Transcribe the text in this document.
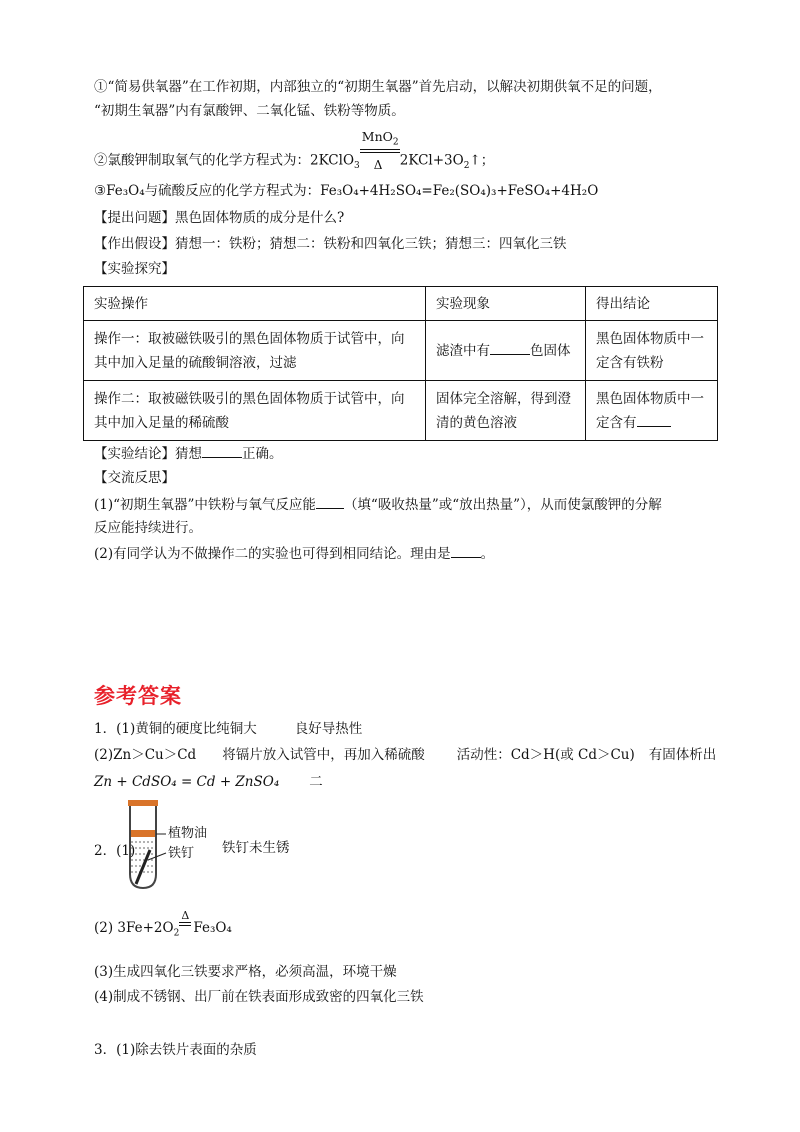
①“简易供氧器”在工作初期，内部独立的“初期生氧器”首先启动，以解决初期供氧不足的问题，
“初期生氧器”内有氯酸钾、二氧化锰、铁粉等物质。
②氯酸钾制取氧气的化学方程式为：2KClO$_3$ $\frac{MnO_2}{\Delta}$ $2KCl+3O_2↑$；
③Fe₃O₄与硫酸反应的化学方程式为：Fe₃O₄+4H₂SO₄=Fe₂(SO₄)₃+FeSO₄+4H₂O
【提出问题】黑色固体物质的成分是什么?
【作出假设】猜想一：铁粉；猜想二：铁粉和四氧化三铁；猜想三：四氧化三铁
【实验探究】
实验操作	实验现象	得出结论
操作一：取被磁铁吸引的黑色固体物质于试管中，向其中加入足量的硫酸铜溶液，过滤	滤渣中有 色固体	黑色固体物质中一定含有铁粉
操作二：取被磁铁吸引的黑色固体物质于试管中，向其中加入足量的稀硫酸	固体完全溶解，得到澄清的黄色溶液	黑色固体物质中一定含有
【实验结论】猜想	正确。
【交流反思】
(1)“初期生氧器”中铁粉与氧气反应能 （填“吸收热量”或“放出热量”），从而使氯酸钾的分解
反应能持续进行。
(2)有同学认为不做操作二的实验也可得到相同结论。理由是 。
参考答案
1．(1)黄铜的硬度比纯铜大	良好导热性
(2)Zn＞Cu＞Cd 将镉片放入试管中，再加入稀硫酸 活动性：Cd＞H(或 Cd＞Cu) 有固体析出
Zn + CdSO₄ = Cd + ZnSO₄ 二
2．(1)
植物油
铁钉 铁钉未生锈
(2) $3Fe+2O_2$
Δ
Fe₃O₄
(3)生成四氧化三铁要求严格，必须高温，环境干燥
(4)制成不锈钢、出厂前在铁表面形成致密的四氧化三铁
3．(1)除去铁片表面的杂质
